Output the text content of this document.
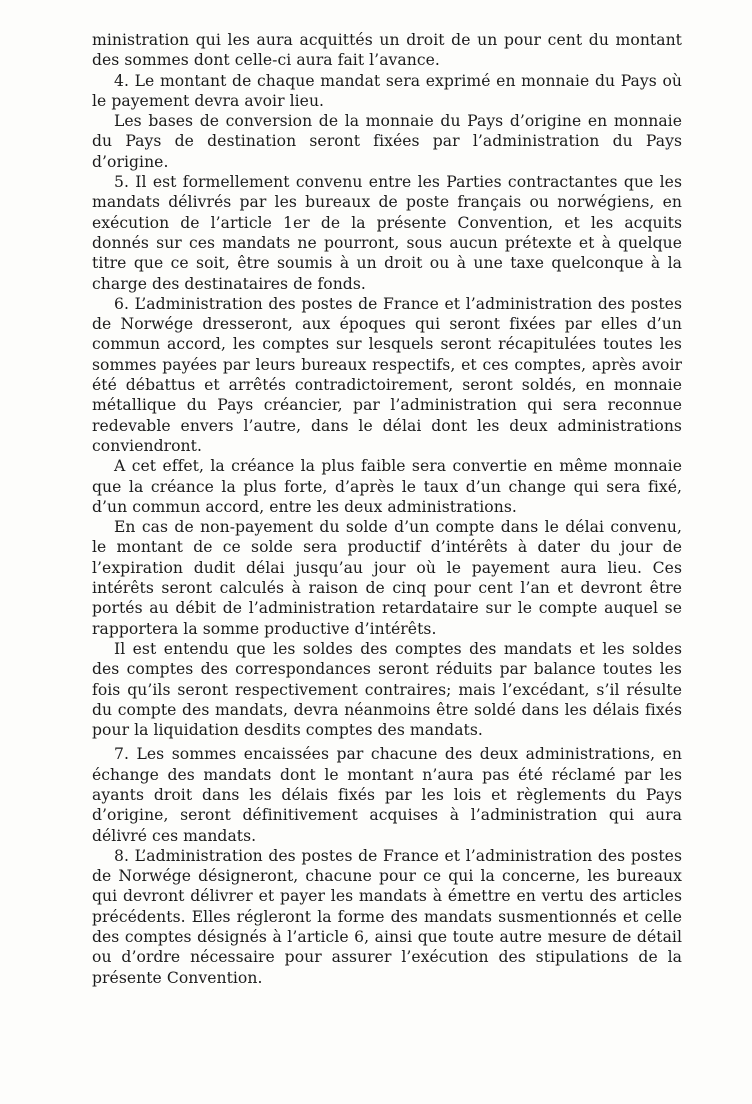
ministration qui les aura acquittés un droit de un pour cent du montant des sommes dont celle-ci aura fait l’avance.

4. Le montant de chaque mandat sera exprimé en monnaie du Pays où le payement devra avoir lieu.

Les bases de conversion de la monnaie du Pays d’origine en monnaie du Pays de destination seront fixées par l’administration du Pays d’origine.

5. Il est formellement convenu entre les Parties contractantes que les mandats délivrés par les bureaux de poste français ou norwégiens, en exécution de l’article 1er de la présente Convention, et les acquits donnés sur ces mandats ne pourront, sous aucun prétexte et à quelque titre que ce soit, être soumis à un droit ou à une taxe quelconque à la charge des destinataires de fonds.

6. L’administration des postes de France et l’administration des postes de Norwége dresseront, aux époques qui seront fixées par elles d’un commun accord, les comptes sur lesquels seront récapitulées toutes les sommes payées par leurs bureaux respectifs, et ces comptes, après avoir été débattus et arrêtés contradictoirement, seront soldés, en monnaie métallique du Pays créancier, par l’administration qui sera reconnue redevable envers l’autre, dans le délai dont les deux administrations conviendront.

A cet effet, la créance la plus faible sera convertie en même monnaie que la créance la plus forte, d’après le taux d’un change qui sera fixé, d’un commun accord, entre les deux administrations.

En cas de non-payement du solde d’un compte dans le délai convenu, le montant de ce solde sera productif d’intérêts à dater du jour de l’expiration dudit délai jusqu’au jour où le payement aura lieu. Ces intérêts seront calculés à raison de cinq pour cent l’an et devront être portés au débit de l’administration retardataire sur le compte auquel se rapportera la somme productive d’intérêts.

Il est entendu que les soldes des comptes des mandats et les soldes des comptes des correspondances seront réduits par balance toutes les fois qu’ils seront respectivement contraires; mais l’excédant, s’il résulte du compte des mandats, devra néanmoins être soldé dans les délais fixés pour la liquidation desdits comptes des mandats.

7. Les sommes encaissées par chacune des deux administrations, en échange des mandats dont le montant n’aura pas été réclamé par les ayants droit dans les délais fixés par les lois et règlements du Pays d’origine, seront définitivement acquises à l’administration qui aura délivré ces mandats.

8. L’administration des postes de France et l’administration des postes de Norwége désigneront, chacune pour ce qui la concerne, les bureaux qui devront délivrer et payer les mandats à émettre en vertu des articles précédents. Elles régleront la forme des mandats susmentionnés et celle des comptes désignés à l’article 6, ainsi que toute autre mesure de détail ou d’ordre nécessaire pour assurer l’exécution des stipulations de la présente Convention.
